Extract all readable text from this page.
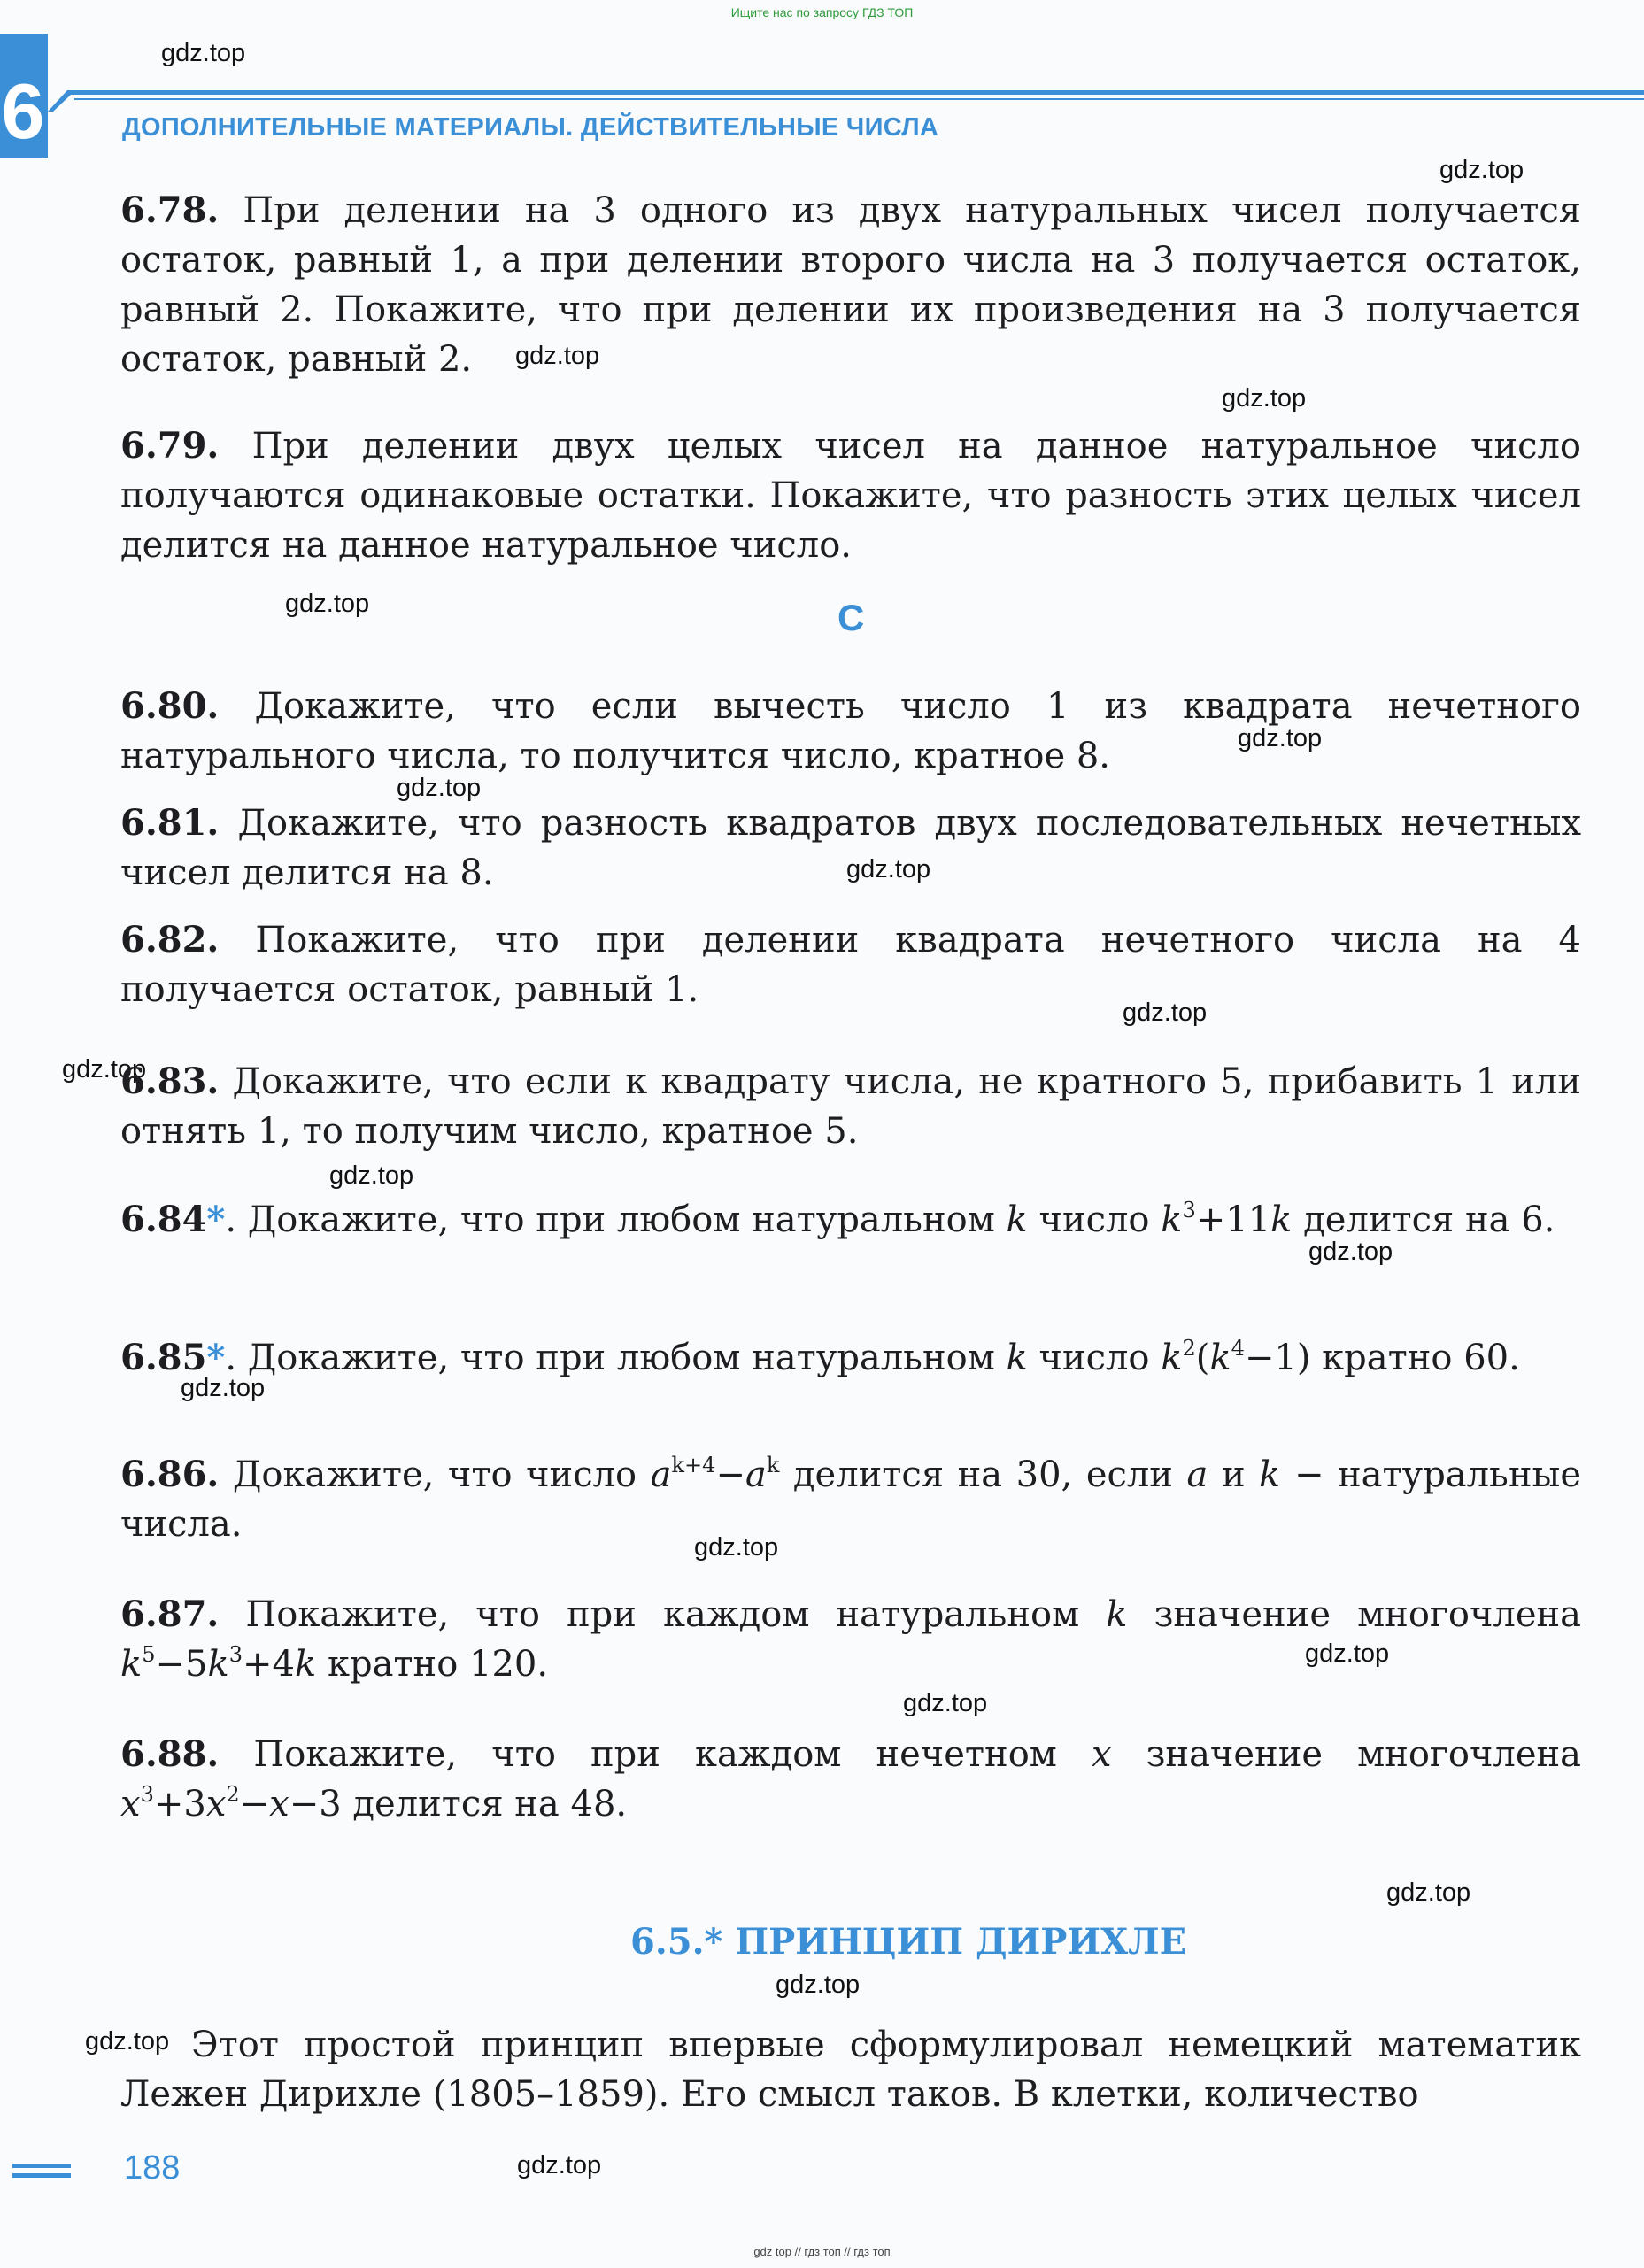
Ищите нас по запросу ГДЗ ТОП
6	ДОПОЛНИТЕЛЬНЫЕ МАТЕРИАЛЫ. ДЕЙСТВИТЕЛЬНЫЕ ЧИСЛА
gdz.top
gdz.top
gdz.top
gdz.top
gdz.top
gdz.top
gdz.top
gdz.top
gdz.top
gdz.top
gdz.top
gdz.top
gdz.top
gdz.top
gdz.top
gdz.top
gdz.top
gdz.top
gdz.top
gdz.top
6.78. При делении на 3 одного из двух натуральных чисел получается остаток, равный 1, а при делении второго числа на 3 получается остаток, равный 2. Покажите, что при делении их произведения на 3 получается остаток, равный 2.
6.79. При делении двух целых чисел на данное натуральное число получаются одинаковые остатки. Покажите, что разность этих целых чисел делится на данное натуральное число.
C
6.80. Докажите, что если вычесть число 1 из квадрата нечетного натурального числа, то получится число, кратное 8.
6.81. Докажите, что разность квадратов двух последовательных нечетных чисел делится на 8.
6.82. Покажите, что при делении квадрата нечетного числа на 4 получается остаток, равный 1.
6.83. Докажите, что если к квадрату числа, не кратного 5, прибавить 1 или отнять 1, то получим число, кратное 5.
6.84*. Докажите, что при любом натуральном k число $k^3+11k$ делится на 6.
6.85*. Докажите, что при любом натуральном k число $k^2(k^4-1)$ кратно 60.
6.86. Докажите, что число $a^{k+4}-a^k$ делится на 30, если a и k − натуральные числа.
6.87. Покажите, что при каждом натуральном k значение многочлена $k^5-5k^3+4k$ кратно 120.
6.88. Покажите, что при каждом нечетном x значение многочлена $x^3+3x^2-x-3$ делится на 48.
6.5.* ПРИНЦИП ДИРИХЛЕ
Этот простой принцип впервые сформулировал немецкий математик Лежен Дирихле (1805–1859). Его смысл таков. В клетки, количество
188
gdz top // гдз топ // гдз топ
